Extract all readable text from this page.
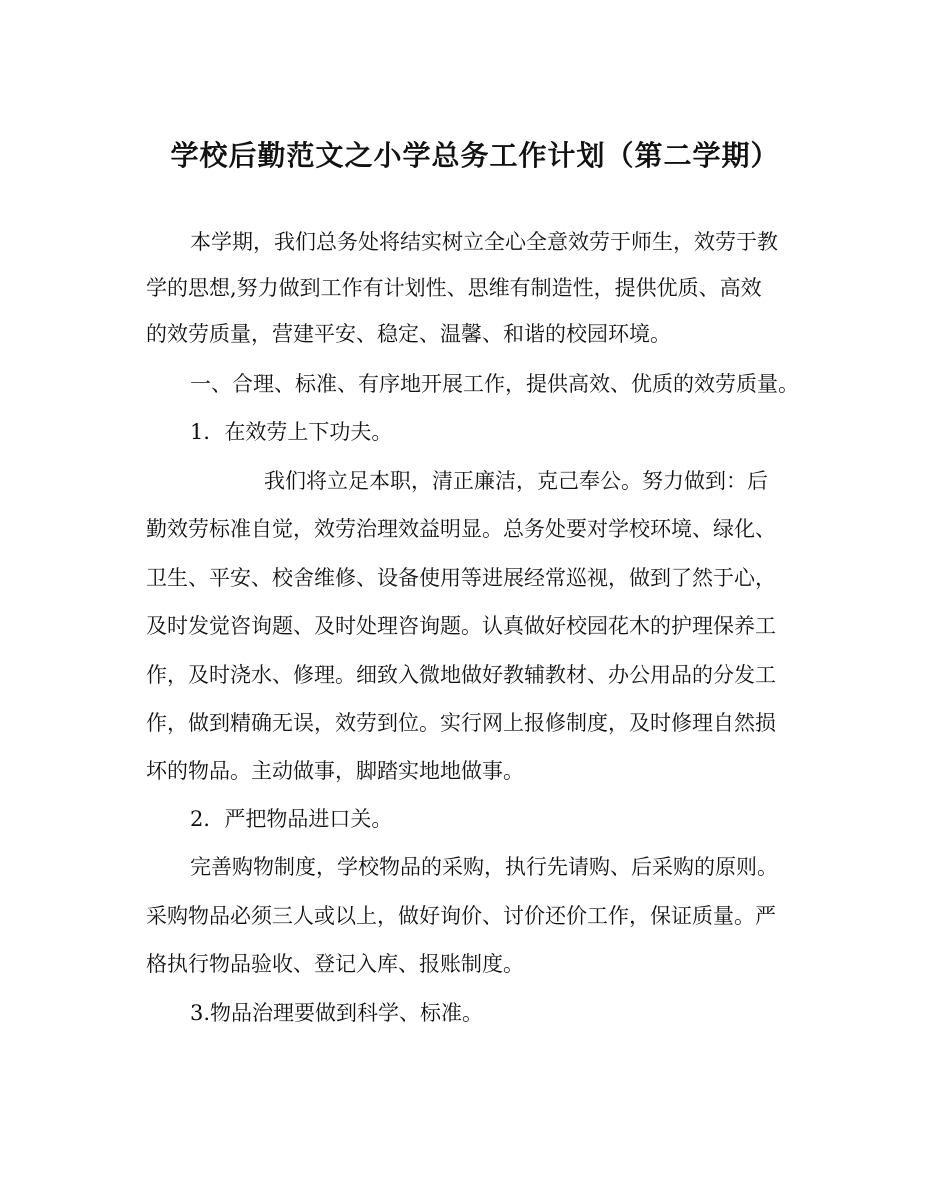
学校后勤范文之小学总务工作计划（第二学期）
本学期，我们总务处将结实树立全心全意效劳于师生，效劳于教
学的思想,努力做到工作有计划性、思维有制造性，提供优质、高效
的效劳质量，营建平安、稳定、温馨、和谐的校园环境。
一、合理、标准、有序地开展工作，提供高效、优质的效劳质量。
1．在效劳上下功夫。
我们将立足本职，清正廉洁，克己奉公。努力做到：后
勤效劳标准自觉，效劳治理效益明显。总务处要对学校环境、绿化、
卫生、平安、校舍维修、设备使用等进展经常巡视，做到了然于心，
及时发觉咨询题、及时处理咨询题。认真做好校园花木的护理保养工
作，及时浇水、修理。细致入微地做好教辅教材、办公用品的分发工
作，做到精确无误，效劳到位。实行网上报修制度，及时修理自然损
坏的物品。主动做事，脚踏实地地做事。
2．严把物品进口关。
完善购物制度，学校物品的采购，执行先请购、后采购的原则。
采购物品必须三人或以上，做好询价、讨价还价工作，保证质量。严
格执行物品验收、登记入库、报账制度。
3.物品治理要做到科学、标准。
